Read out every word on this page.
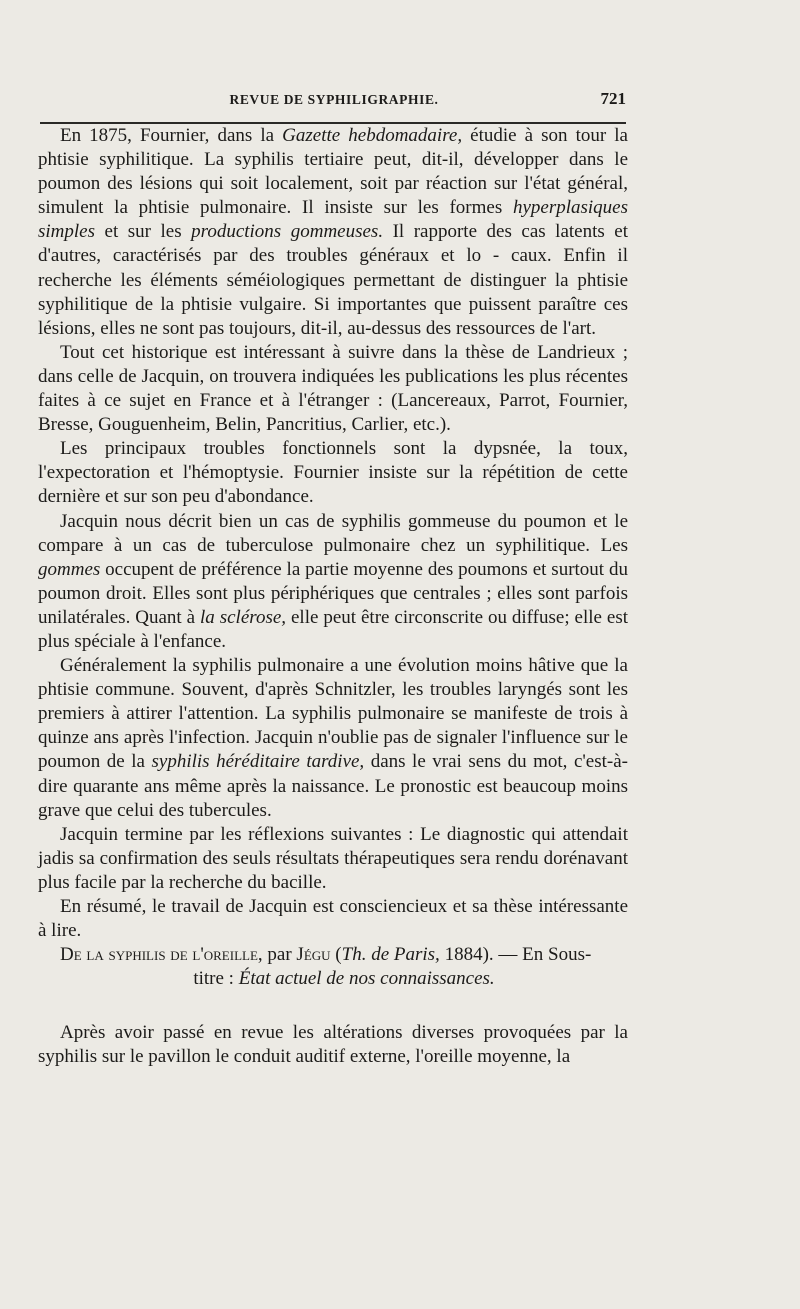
REVUE DE SYPHILIGRAPHIE.	721

En 1875, Fournier, dans la Gazette hebdomadaire, étudie à son tour la phtisie syphilitique. La syphilis tertiaire peut, dit-il, développer dans le poumon des lésions qui soit localement, soit par réaction sur l'état général, simulent la phtisie pulmonaire. Il insiste sur les formes hyperplasiques simples et sur les productions gommeuses. Il rapporte des cas latents et d'autres, caractérisés par des troubles généraux et lo - caux. Enfin il recherche les éléments séméiologiques permettant de distinguer la phtisie syphilitique de la phtisie vulgaire. Si importantes que puissent paraître ces lésions, elles ne sont pas toujours, dit-il, au-dessus des ressources de l'art.

Tout cet historique est intéressant à suivre dans la thèse de Landrieux ; dans celle de Jacquin, on trouvera indiquées les publications les plus récentes faites à ce sujet en France et à l'étranger : (Lancereaux, Parrot, Fournier, Bresse, Gouguenheim, Belin, Pancritius, Carlier, etc.).

Les principaux troubles fonctionnels sont la dypsnée, la toux, l'expectoration et l'hémoptysie. Fournier insiste sur la répétition de cette dernière et sur son peu d'abondance.

Jacquin nous décrit bien un cas de syphilis gommeuse du poumon et le compare à un cas de tuberculose pulmonaire chez un syphilitique. Les gommes occupent de préférence la partie moyenne des poumons et surtout du poumon droit. Elles sont plus périphériques que centrales ; elles sont parfois unilatérales. Quant à la sclérose, elle peut être circonscrite ou diffuse; elle est plus spéciale à l'enfance.

Généralement la syphilis pulmonaire a une évolution moins hâtive que la phtisie commune. Souvent, d'après Schnitzler, les troubles laryngés sont les premiers à attirer l'attention. La syphilis pulmonaire se manifeste de trois à quinze ans après l'infection. Jacquin n'oublie pas de signaler l'influence sur le poumon de la syphilis héréditaire tardive, dans le vrai sens du mot, c'est-à-dire quarante ans même après la naissance. Le pronostic est beaucoup moins grave que celui des tubercules.

Jacquin termine par les réflexions suivantes : Le diagnostic qui attendait jadis sa confirmation des seuls résultats thérapeutiques sera rendu dorénavant plus facile par la recherche du bacille.

En résumé, le travail de Jacquin est consciencieux et sa thèse intéressante à lire.

De la syphilis de l'oreille, par Jégu (Th. de Paris, 1884). — En Sous-
titre : État actuel de nos connaissances.

Après avoir passé en revue les altérations diverses provoquées par la syphilis sur le pavillon le conduit auditif externe, l'oreille moyenne, la
